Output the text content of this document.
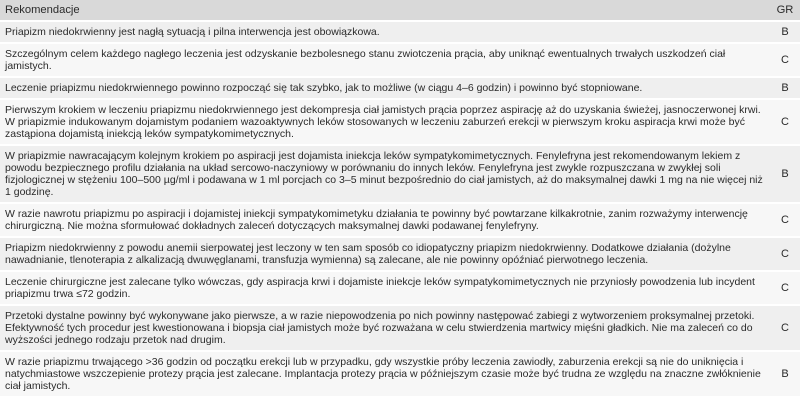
Rekomendacje	GR
Priapizm niedokrwienny jest nagłą sytuacją i pilna interwencja jest obowiązkowa.	B
Szczególnym celem każdego nagłego leczenia jest odzyskanie bezbolesnego stanu zwiotczenia prącia, aby uniknąć ewentualnych trwałych uszkodzeń ciał jamistych.	C
Leczenie priapizmu niedokrwiennego powinno rozpocząć się tak szybko, jak to możliwe (w ciągu 4–6 godzin) i powinno być stopniowane.	B
Pierwszym krokiem w leczeniu priapizmu niedokrwiennego jest dekompresja ciał jamistych prącia poprzez aspirację aż do uzyskania świeżej, jasnoczerwonej krwi. W priapizmie indukowanym dojamistym podaniem wazoaktywnych leków stosowanych w leczeniu zaburzeń erekcji w pierwszym kroku aspiracja krwi może być zastąpiona dojamistą iniekcją leków sympatykomimetycznych.	C
W priapizmie nawracającym kolejnym krokiem po aspiracji jest dojamista iniekcja leków sympatykomimetycznych. Fenylefryna jest rekomendowanym lekiem z powodu bezpiecznego profilu działania na układ sercowo-naczyniowy w porównaniu do innych leków. Fenylefryna jest zwykle rozpuszczana w zwykłej soli fizjologicznej w stężeniu 100–500 µg/ml i podawana w 1 ml porcjach co 3–5 minut bezpośrednio do ciał jamistych, aż do maksymalnej dawki 1 mg na nie więcej niż 1 godzinę.	B
W razie nawrotu priapizmu po aspiracji i dojamistej iniekcji sympatykomimetyku działania te powinny być powtarzane kilkakrotnie, zanim rozważymy interwencję chirurgiczną. Nie można sformułować dokładnych zaleceń dotyczących maksymalnej dawki podawanej fenylefryny.	C
Priapizm niedokrwienny z powodu anemii sierpowatej jest leczony w ten sam sposób co idiopatyczny priapizm niedokrwienny. Dodatkowe działania (dożylne nawadnianie, tlenoterapia z alkalizacją dwuwęglanami, transfuzja wymienna) są zalecane, ale nie powinny opóźniać pierwotnego leczenia.	C
Leczenie chirurgiczne jest zalecane tylko wówczas, gdy aspiracja krwi i dojamiste iniekcje leków sympatykomimetycznych nie przyniosły powodzenia lub incydent priapizmu trwa ≤72 godzin.	C
Przetoki dystalne powinny być wykonywane jako pierwsze, a w razie niepowodzenia po nich powinny następować zabiegi z wytworzeniem proksymalnej przetoki. Efektywność tych procedur jest kwestionowana i biopsja ciał jamistych może być rozważana w celu stwierdzenia martwicy mięśni gładkich. Nie ma zaleceń co do wyższości jednego rodzaju przetok nad drugim.	C
W razie priapizmu trwającego >36 godzin od początku erekcji lub w przypadku, gdy wszystkie próby leczenia zawiodły, zaburzenia erekcji są nie do uniknięcia i natychmiastowe wszczepienie protezy prącia jest zalecane. Implantacja protezy prącia w późniejszym czasie może być trudna ze względu na znaczne zwłóknienie ciał jamistych.	B
